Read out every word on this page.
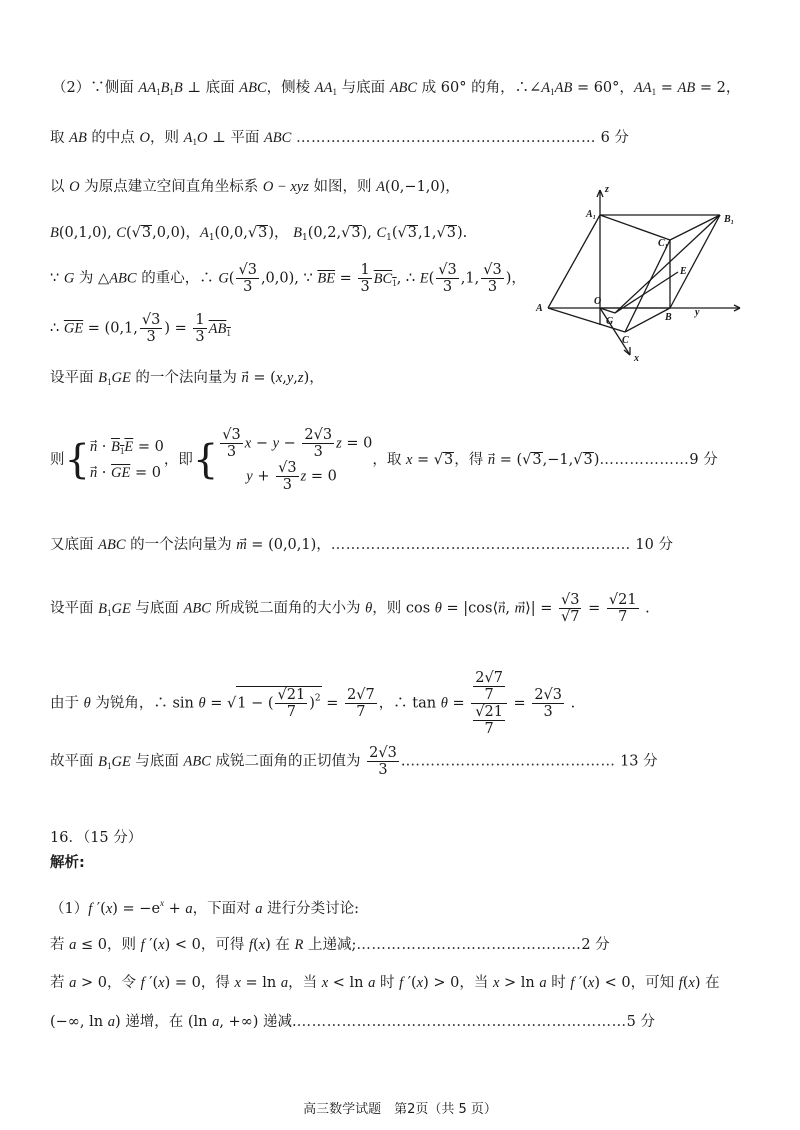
（2）∵侧面 $AA_1B_1B$ ⊥ 底面 ABC，侧棱 $AA_1$ 与底面 ABC 成 60° 的角，$\therefore\angle A_1AB = 60^\circ$，$AA_1$ = AB = 2，
取 AB 的中点 O，则 $A_1O$ ⊥ 平面 ABC …………………………………………………… 6 分
以 O 为原点建立空间直角坐标系 O − xyz 如图，则 A(0,−1,0)，
B(0,1,0), C(√3,0,0)，$A_1(0,0,√3)$， $B_1(0,2,√3)$, $C_1(√3,1,√3)$.
∵ G 为 △ABC 的重心，∴ $G( \frac{√3}{3} ,0,0)$, ∵ $\overline{BE} = \frac{1}{3} BC_1$, ∴ $E( \frac{√3}{3} ,1$, $\frac{√3}{3}$ )，
∴ $\overline{GE} = (0,1$, $\frac{√3}{3}$ ) = $\frac{1}{3} AB_1$
设平面 $B_1GE$ 的一个法向量为 n⃗ = (x,y,z)，
则{ n⃗ · $B_1E = 0$
n⃗ · $\overline{GE} = 0$
，即{ $\frac{√3}{3}$ $x - y - \frac{2√3}{3}$ z = 0
$y + \frac{√3}{3}$ z = 0
，取 x = √3，得 n⃗ = (√3,−1,√3)………………9 分
又底面 ABC 的一个法向量为 m⃗ = (0,0,1)，…………………………………………………… 10 分
设平面 $B_1GE$ 与底面 ABC 所成锐二面角的大小为 θ，则 cos θ = |cos⟨n⃗, m⃗⟩| = $\frac{√3}{√7} = \frac{√21}{7}$ .
由于 θ 为锐角，∴ sin θ = √1 − ( $\frac{√21}{7} )^2 = \frac{2√7}{7}$ ，∴ $\tan \theta = \frac{\frac{2√7}{7}}{\frac{√21}{7}} = \frac{2√3}{3}$ .
故平面 $B_1GE$ 与底面 ABC 成锐二面角的正切值为 $\frac{2√3}{3}$ .…………………………………… 13 分
16．（15 分）
解析:
（1）f $'(x) = -e^x + a$，下面对 a 进行分类讨论:
若 a ≤ 0，则 f ′(x) < 0，可得 f(x) 在 R 上递减;………………………………………2 分
若 a > 0，令 f ′(x) = 0，得 x = ln a，当 x < ln a 时 f ′(x) > 0，当 x > ln a 时 f ′(x) < 0，可知 f(x) 在
(−∞, ln a) 递增，在 (ln a, +∞) 递减.…………………………………………………………5 分
z
A₁	B₁
C₁
E
O
y
A
G	B
C
x
高三数学试题　第2页（共 5 页）
